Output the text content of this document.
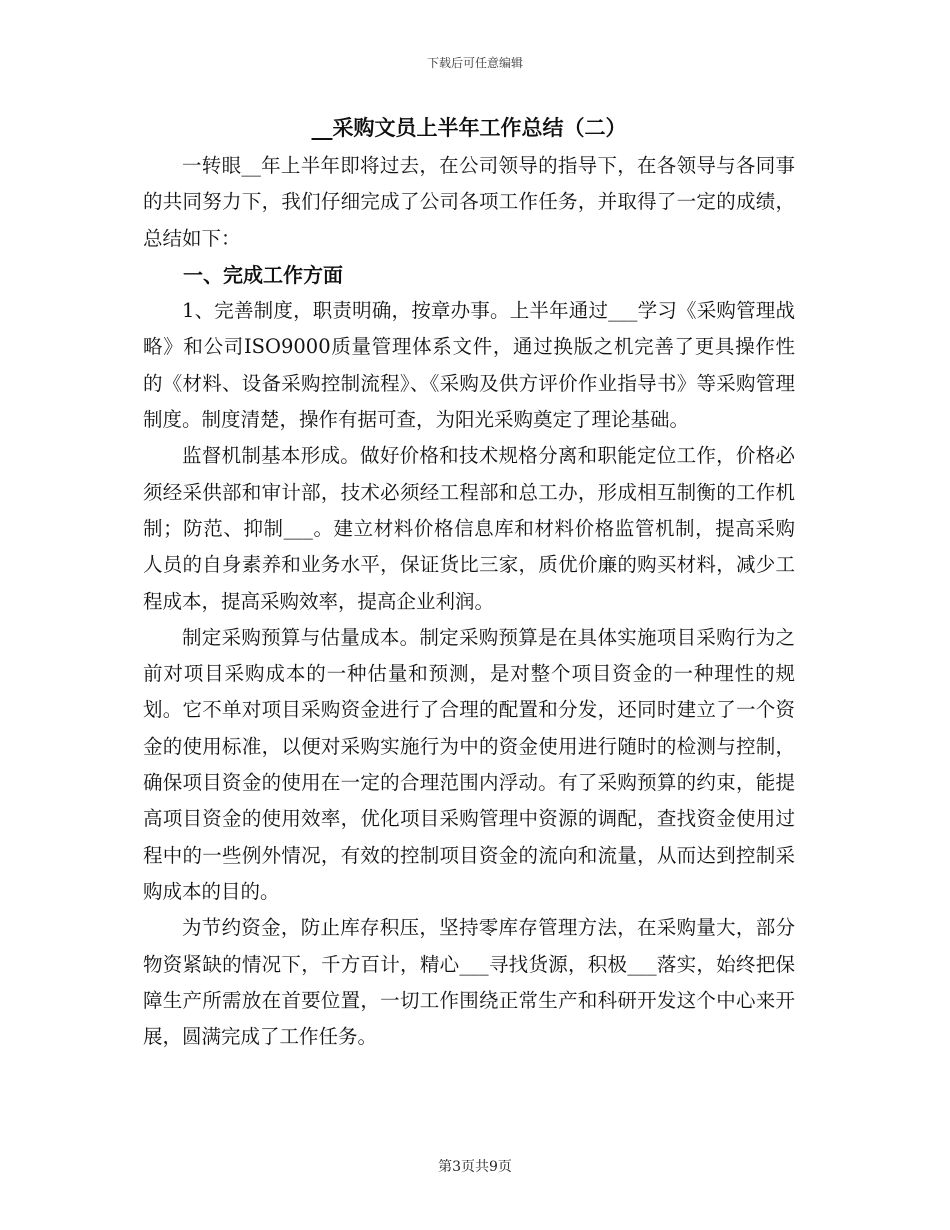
下载后可任意编辑

__采购文员上半年工作总结（二）

一转眼__年上半年即将过去，在公司领导的指导下，在各领导与各同事的共同努力下，我们仔细完成了公司各项工作任务，并取得了一定的成绩，总结如下：

一、完成工作方面

1、完善制度，职责明确，按章办事。上半年通过___学习《采购管理战略》和公司ISO9000质量管理体系文件，通过换版之机完善了更具操作性的《材料、设备采购控制流程》、《采购及供方评价作业指导书》等采购管理制度。制度清楚，操作有据可查，为阳光采购奠定了理论基础。

监督机制基本形成。做好价格和技术规格分离和职能定位工作，价格必须经采供部和审计部，技术必须经工程部和总工办，形成相互制衡的工作机制；防范、抑制___。建立材料价格信息库和材料价格监管机制，提高采购人员的自身素养和业务水平，保证货比三家，质优价廉的购买材料，减少工程成本，提高采购效率，提高企业利润。

制定采购预算与估量成本。制定采购预算是在具体实施项目采购行为之前对项目采购成本的一种估量和预测，是对整个项目资金的一种理性的规划。它不单对项目采购资金进行了合理的配置和分发，还同时建立了一个资金的使用标准，以便对采购实施行为中的资金使用进行随时的检测与控制，确保项目资金的使用在一定的合理范围内浮动。有了采购预算的约束，能提高项目资金的使用效率，优化项目采购管理中资源的调配，查找资金使用过程中的一些例外情况，有效的控制项目资金的流向和流量，从而达到控制采购成本的目的。

为节约资金，防止库存积压，坚持零库存管理方法，在采购量大，部分物资紧缺的情况下，千方百计，精心___寻找货源，积极___落实，始终把保障生产所需放在首要位置，一切工作围绕正常生产和科研开发这个中心来开展，圆满完成了工作任务。

第3页共9页
